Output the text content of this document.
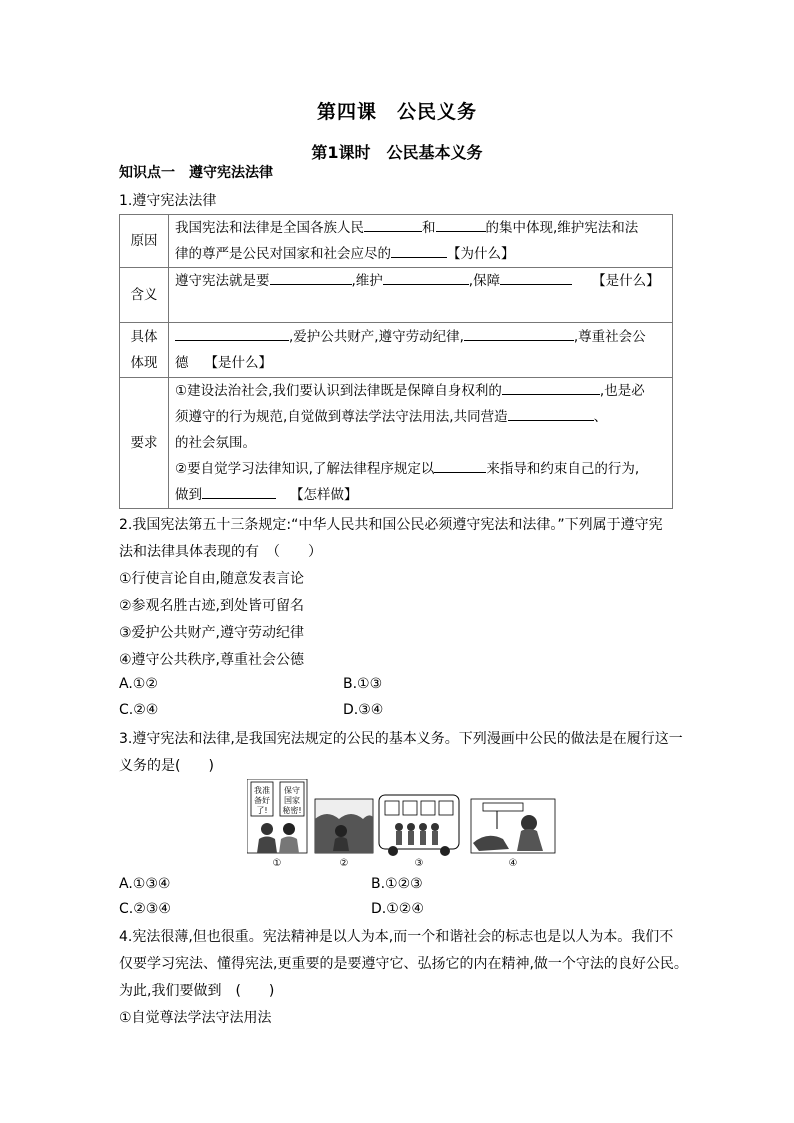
第四课　公民义务
第1课时　公民基本义务
知识点一　遵守宪法法律
1.遵守宪法法律
原因	我国宪法和法律是全国各族人民 和 的集中体现,维护宪法和法
律的尊严是公民对国家和社会应尽的 【为什么】
含义	遵守宪法就是要 ,维护 ,保障 【是什么】
具体
体现	,爱护公共财产,遵守劳动纪律, ,尊重社会公
德 【是什么】
要求	①建设法治社会,我们要认识到法律既是保障自身权利的 ,也是必
须遵守的行为规范,自觉做到尊法学法守法用法,共同营造 、
的社会氛围。
②要自觉学习法律知识,了解法律程序规定以 来指导和约束自己的行为,
做到 【怎样做】
2.我国宪法第五十三条规定:“中华人民共和国公民必须遵守宪法和法律。”下列属于遵守宪
法和法律具体表现的有　（　　）
①行使言论自由,随意发表言论
②参观名胜古迹,到处皆可留名
③爱护公共财产,遵守劳动纪律
④遵守公共秩序,尊重社会公德
A.①②	B.①③
C.②④	D.③④
3.遵守宪法和法律,是我国宪法规定的公民的基本义务。下列漫画中公民的做法是在履行这一
义务的是(　　)
我准
备好
了!
保守
国家
秘密!
①	②	③	④
A.①③④	B.①②③
C.②③④	D.①②④
4.宪法很薄,但也很重。宪法精神是以人为本,而一个和谐社会的标志也是以人为本。我们不
仅要学习宪法、懂得宪法,更重要的是要遵守它、弘扬它的内在精神,做一个守法的良好公民。
为此,我们要做到　(　　)
①自觉尊法学法守法用法
